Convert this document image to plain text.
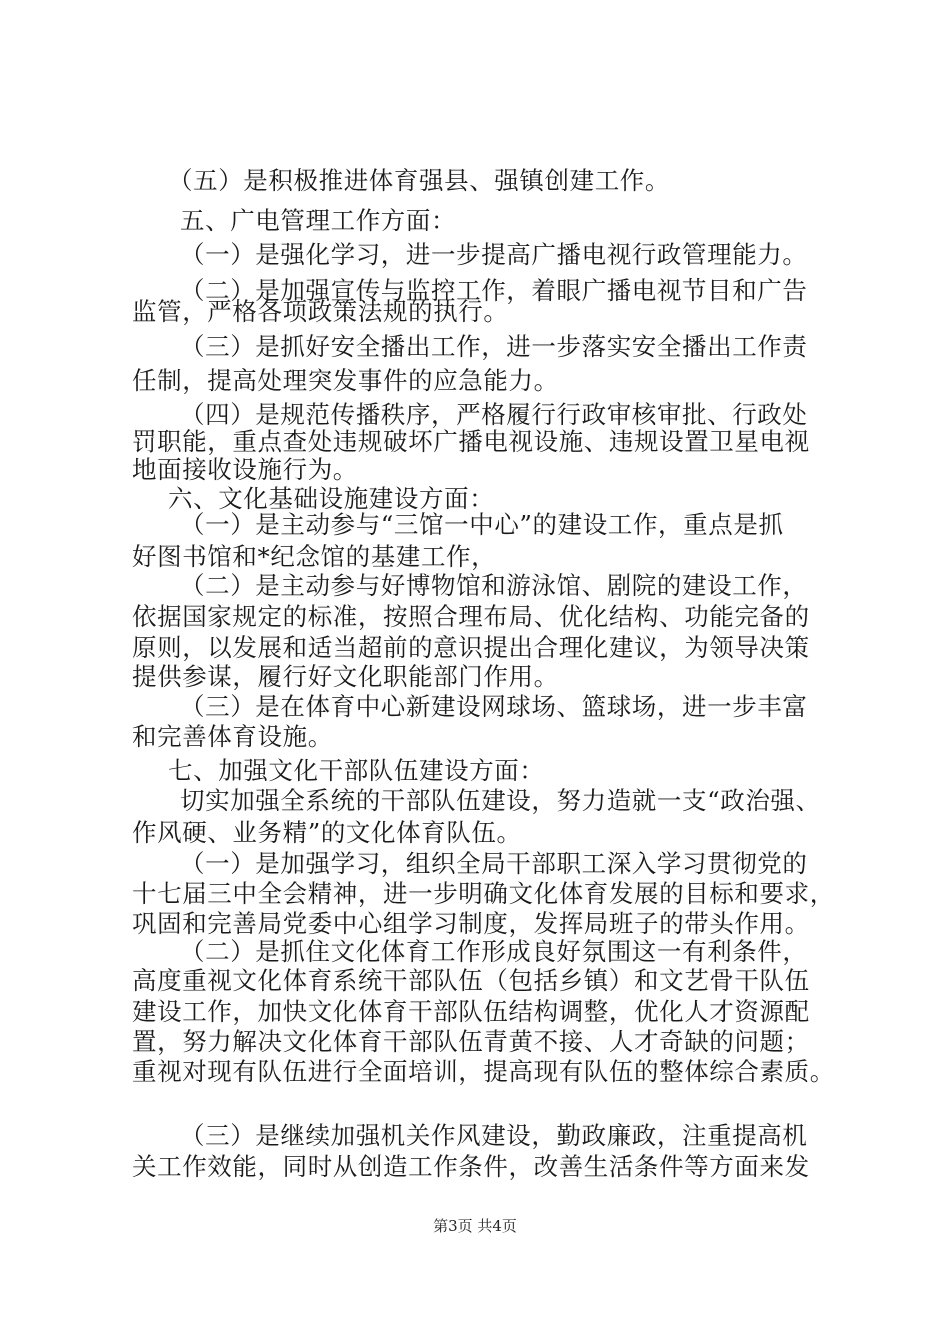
（五）是积极推进体育强县、强镇创建工作。
五、广电管理工作方面：
（一）是强化学习，进一步提高广播电视行政管理能力。
（二）是加强宣传与监控工作，着眼广播电视节目和广告
监管，严格各项政策法规的执行。
（三）是抓好安全播出工作，进一步落实安全播出工作责
任制，提高处理突发事件的应急能力。
（四）是规范传播秩序，严格履行行政审核审批、行政处
罚职能，重点查处违规破坏广播电视设施、违规设置卫星电视
地面接收设施行为。
六、文化基础设施建设方面：
（一）是主动参与“三馆一中心”的建设工作，重点是抓
好图书馆和*纪念馆的基建工作，
（二）是主动参与好博物馆和游泳馆、剧院的建设工作，
依据国家规定的标准，按照合理布局、优化结构、功能完备的
原则，以发展和适当超前的意识提出合理化建议，为领导决策
提供参谋，履行好文化职能部门作用。
（三）是在体育中心新建设网球场、篮球场，进一步丰富
和完善体育设施。
七、加强文化干部队伍建设方面：
切实加强全系统的干部队伍建设，努力造就一支“政治强、
作风硬、业务精”的文化体育队伍。
（一）是加强学习，组织全局干部职工深入学习贯彻党的
十七届三中全会精神，进一步明确文化体育发展的目标和要求，
巩固和完善局党委中心组学习制度，发挥局班子的带头作用。
（二）是抓住文化体育工作形成良好氛围这一有利条件，
高度重视文化体育系统干部队伍（包括乡镇）和文艺骨干队伍
建设工作，加快文化体育干部队伍结构调整，优化人才资源配
置，努力解决文化体育干部队伍青黄不接、人才奇缺的问题；
重视对现有队伍进行全面培训，提高现有队伍的整体综合素质。
（三）是继续加强机关作风建设，勤政廉政，注重提高机
关工作效能，同时从创造工作条件，改善生活条件等方面来发
第3页 共4页
